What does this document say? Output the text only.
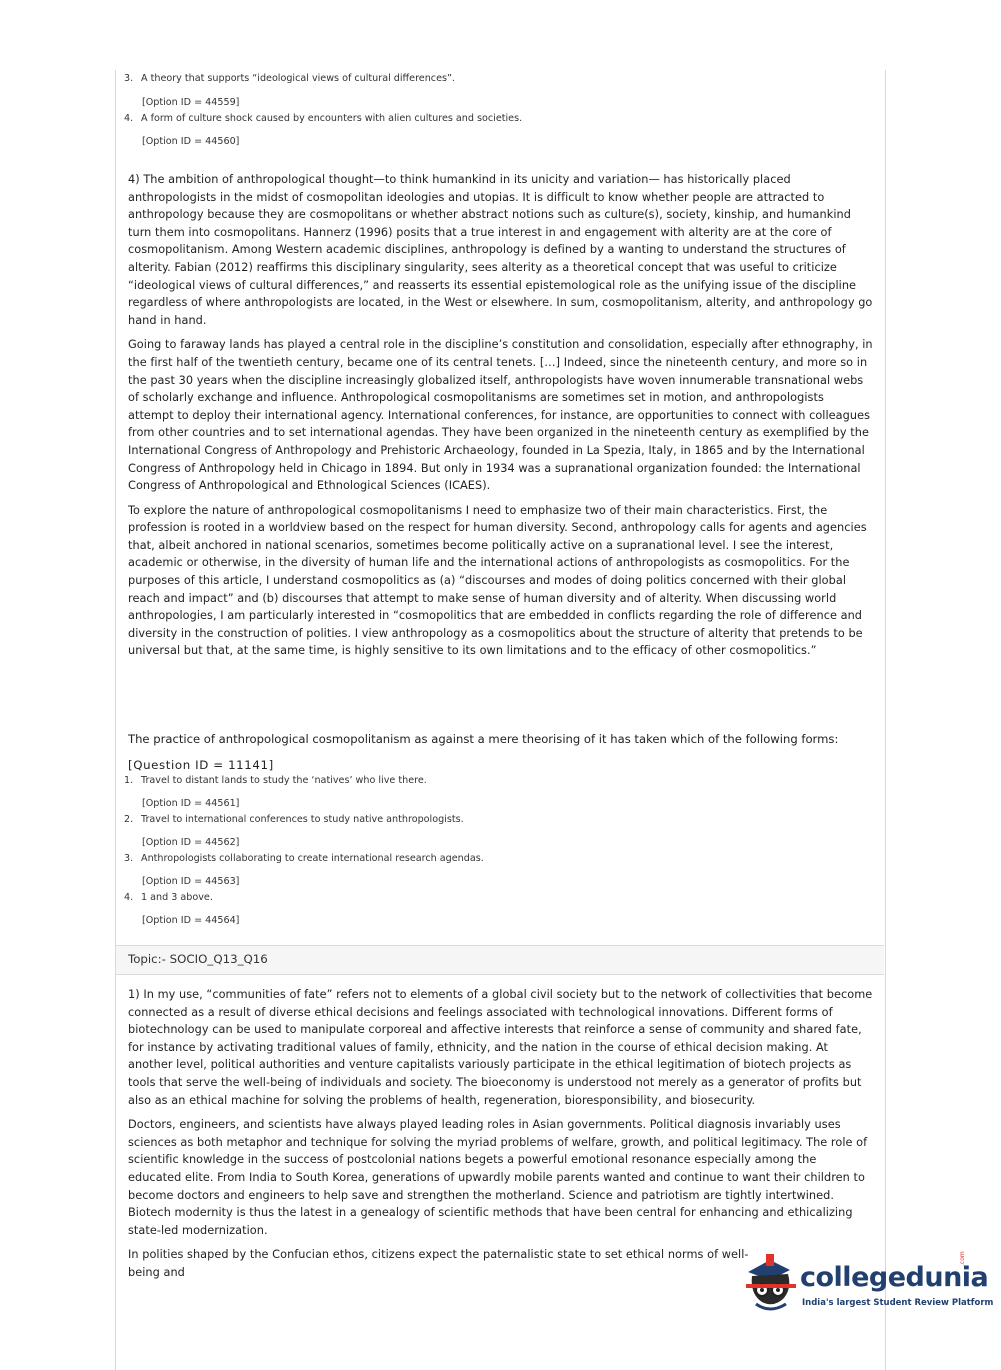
3. A theory that supports “ideological views of cultural differences”.
[Option ID = 44559]
4. A form of culture shock caused by encounters with alien cultures and societies.
[Option ID = 44560]

4) The ambition of anthropological thought—to think humankind in its unicity and variation— has historically placed anthropologists in the midst of cosmopolitan ideologies and utopias. It is difficult to know whether people are attracted to anthropology because they are cosmopolitans or whether abstract notions such as culture(s), society, kinship, and humankind turn them into cosmopolitans. Hannerz (1996) posits that a true interest in and engagement with alterity are at the core of cosmopolitanism. Among Western academic disciplines, anthropology is defined by a wanting to understand the structures of alterity. Fabian (2012) reaffirms this disciplinary singularity, sees alterity as a theoretical concept that was useful to criticize “ideological views of cultural differences,” and reasserts its essential epistemological role as the unifying issue of the discipline regardless of where anthropologists are located, in the West or elsewhere. In sum, cosmopolitanism, alterity, and anthropology go hand in hand.

Going to faraway lands has played a central role in the discipline’s constitution and consolidation, especially after ethnography, in the first half of the twentieth century, became one of its central tenets. […] Indeed, since the nineteenth century, and more so in the past 30 years when the discipline increasingly globalized itself, anthropologists have woven innumerable transnational webs of scholarly exchange and influence. Anthropological cosmopolitanisms are sometimes set in motion, and anthropologists attempt to deploy their international agency. International conferences, for instance, are opportunities to connect with colleagues from other countries and to set international agendas. They have been organized in the nineteenth century as exemplified by the International Congress of Anthropology and Prehistoric Archaeology, founded in La Spezia, Italy, in 1865 and by the International Congress of Anthropology held in Chicago in 1894. But only in 1934 was a supranational organization founded: the International Congress of Anthropological and Ethnological Sciences (ICAES).

To explore the nature of anthropological cosmopolitanisms I need to emphasize two of their main characteristics. First, the profession is rooted in a worldview based on the respect for human diversity. Second, anthropology calls for agents and agencies that, albeit anchored in national scenarios, sometimes become politically active on a supranational level. I see the interest, academic or otherwise, in the diversity of human life and the international actions of anthropologists as cosmopolitics. For the purposes of this article, I understand cosmopolitics as (a) “discourses and modes of doing politics concerned with their global reach and impact” and (b) discourses that attempt to make sense of human diversity and of alterity. When discussing world anthropologies, I am particularly interested in “cosmopolitics that are embedded in conflicts regarding the role of difference and diversity in the construction of polities. I view anthropology as a cosmopolitics about the structure of alterity that pretends to be universal but that, at the same time, is highly sensitive to its own limitations and to the efficacy of other cosmopolitics.”

The practice of anthropological cosmopolitanism as against a mere theorising of it has taken which of the following forms:
[Question ID = 11141]
1. Travel to distant lands to study the ‘natives’ who live there.
[Option ID = 44561]
2. Travel to international conferences to study native anthropologists.
[Option ID = 44562]
3. Anthropologists collaborating to create international research agendas.
[Option ID = 44563]
4. 1 and 3 above.
[Option ID = 44564]
Topic:- SOCIO_Q13_Q16

1) In my use, “communities of fate” refers not to elements of a global civil society but to the network of collectivities that become connected as a result of diverse ethical decisions and feelings associated with technological innovations. Different forms of biotechnology can be used to manipulate corporeal and affective interests that reinforce a sense of community and shared fate, for instance by activating traditional values of family, ethnicity, and the nation in the course of ethical decision making. At another level, political authorities and venture capitalists variously participate in the ethical legitimation of biotech projects as tools that serve the well-being of individuals and society. The bioeconomy is understood not merely as a generator of profits but also as an ethical machine for solving the problems of health, regeneration, bioresponsibility, and biosecurity.

Doctors, engineers, and scientists have always played leading roles in Asian governments. Political diagnosis invariably uses sciences as both metaphor and technique for solving the myriad problems of welfare, growth, and political legitimacy. The role of scientific knowledge in the success of postcolonial nations begets a powerful emotional resonance especially among the educated elite. From India to South Korea, generations of upwardly mobile parents wanted and continue to want their children to become doctors and engineers to help save and strengthen the motherland. Science and patriotism are tightly intertwined. Biotech modernity is thus the latest in a genealogy of scientific methods that have been central for enhancing and ethicalizing state-led modernization.

In polities shaped by the Confucian ethos, citizens expect the paternalistic state to set ethical norms of well-being and	collegedunia
.com
India's largest Student Review Platform
